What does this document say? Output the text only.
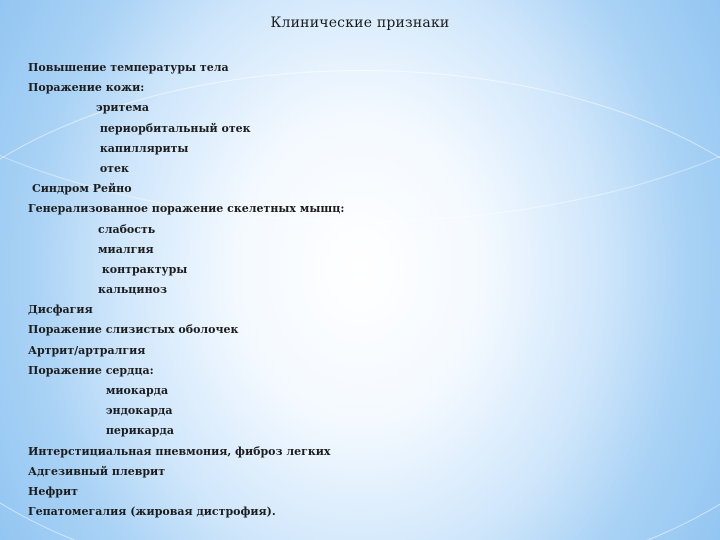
Клинические признаки
Повышение температуры тела
Поражение кожи:
эритема
периорбитальный отек
капилляриты
отек
Синдром Рейно
Генерализованное поражение скелетных мышц:
слабость
миалгия
контрактуры
кальциноз
Дисфагия
Поражение слизистых оболочек
Артрит/артралгия
Поражение сердца:
миокарда
эндокарда
перикарда
Интерстициальная пневмония, фиброз легких
Адгезивный плеврит
Нефрит
Гепатомегалия (жировая дистрофия).
